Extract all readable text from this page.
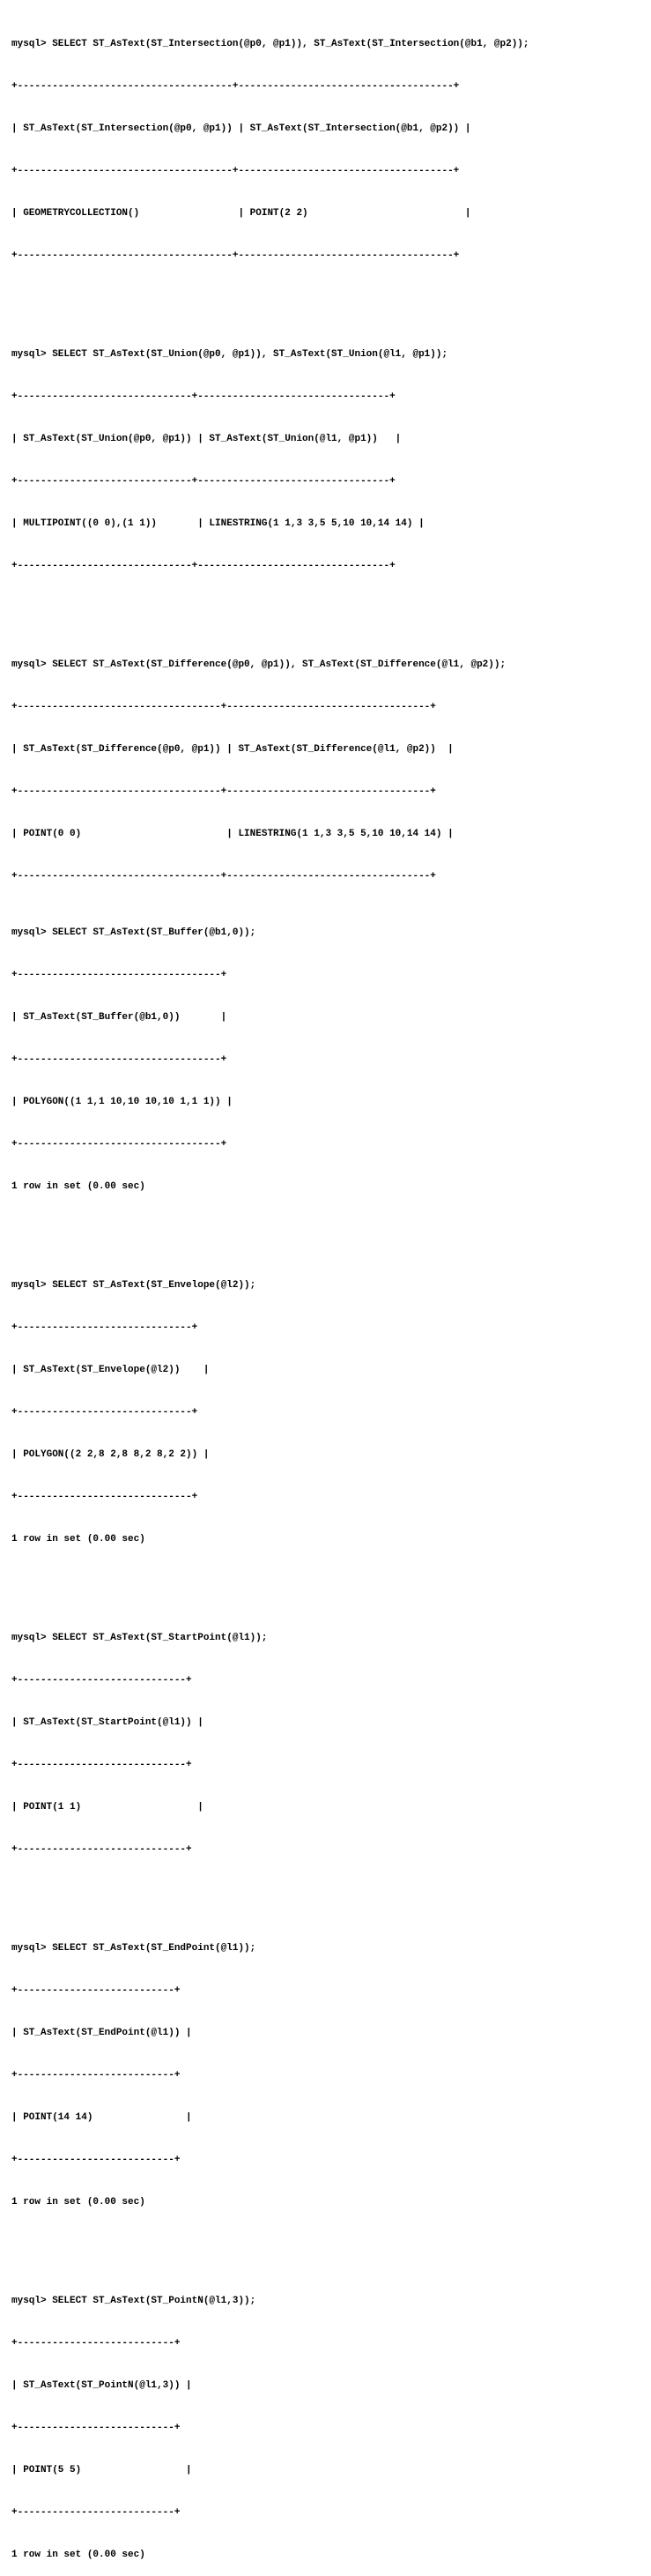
mysql> SELECT ST_AsText(ST_Intersection(@p0, @p1)), ST_AsText(ST_Intersection(@b1, @p2));

+-------------------------------------+-------------------------------------+

| ST_AsText(ST_Intersection(@p0, @p1)) | ST_AsText(ST_Intersection(@b1, @p2)) |

+-------------------------------------+-------------------------------------+

| GEOMETRYCOLLECTION()                 | POINT(2 2)                           |

+-------------------------------------+-------------------------------------+

mysql> SELECT ST_AsText(ST_Union(@p0, @p1)), ST_AsText(ST_Union(@l1, @p1));

+------------------------------+---------------------------------+

| ST_AsText(ST_Union(@p0, @p1)) | ST_AsText(ST_Union(@l1, @p1))   |

+------------------------------+---------------------------------+

| MULTIPOINT((0 0),(1 1))       | LINESTRING(1 1,3 3,5 5,10 10,14 14) |

+------------------------------+---------------------------------+

mysql> SELECT ST_AsText(ST_Difference(@p0, @p1)), ST_AsText(ST_Difference(@l1, @p2));

+-----------------------------------+-----------------------------------+

| ST_AsText(ST_Difference(@p0, @p1)) | ST_AsText(ST_Difference(@l1, @p2))  |

+-----------------------------------+-----------------------------------+

| POINT(0 0)                         | LINESTRING(1 1,3 3,5 5,10 10,14 14) |

+-----------------------------------+-----------------------------------+

mysql> SELECT ST_AsText(ST_Buffer(@b1,0));

+-----------------------------------+

| ST_AsText(ST_Buffer(@b1,0))       |

+-----------------------------------+

| POLYGON((1 1,1 10,10 10,10 1,1 1)) |

+-----------------------------------+

1 row in set (0.00 sec)

mysql> SELECT ST_AsText(ST_Envelope(@l2));

+------------------------------+

| ST_AsText(ST_Envelope(@l2))    |

+------------------------------+

| POLYGON((2 2,8 2,8 8,2 8,2 2)) |

+------------------------------+

1 row in set (0.00 sec)

mysql> SELECT ST_AsText(ST_StartPoint(@l1));

+-----------------------------+

| ST_AsText(ST_StartPoint(@l1)) |

+-----------------------------+

| POINT(1 1)                    |

+-----------------------------+

mysql> SELECT ST_AsText(ST_EndPoint(@l1));

+---------------------------+

| ST_AsText(ST_EndPoint(@l1)) |

+---------------------------+

| POINT(14 14)                |

+---------------------------+

1 row in set (0.00 sec)

mysql> SELECT ST_AsText(ST_PointN(@l1,3));

+---------------------------+

| ST_AsText(ST_PointN(@l1,3)) |

+---------------------------+

| POINT(5 5)                  |

+---------------------------+

1 row in set (0.00 sec)
